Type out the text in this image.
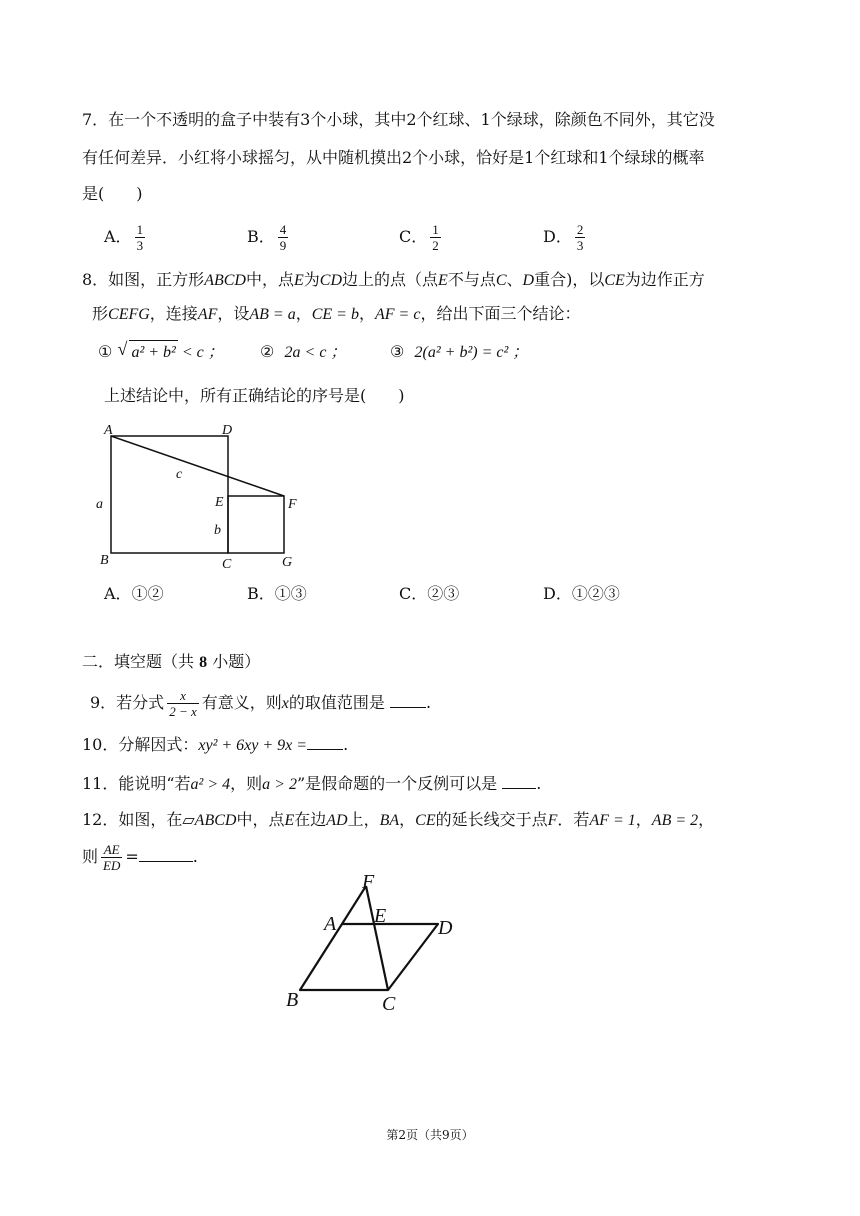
7．在一个不透明的盒子中装有3个小球，其中2个红球、1个绿球，除颜色不同外，其它没
有任何差异．小红将小球摇匀，从中随机摸出2个小球，恰好是1个红球和1个绿球的概率
是(　　)
A． $\frac{1}{3}$	B． $\frac{4}{9}$	C． $\frac{1}{2}$	D． $\frac{2}{3}$
8．如图，正方形ABCD中，点E为CD边上的点（点E不与点C、D重合)，以CE为边作正方
形CEFG，连接AF，设AB = a，CE = b，AF = c，给出下面三个结论：
① √ a² + b² < c ； ② 2a < c ；	③ 2(a² + b²) = c² ；
上述结论中，所有正确结论的序号是(　　)
A	D
B	C
E	F
G
a
b
c
A．①②	B．①③	C．②③	D．①②③
二．填空题（共 8 小题）
9．若分式 $\frac{x}{2 - x}$ 有意义，则x的取值范围是	.
10．分解因式：xy² + 6xy + 9x = .
11．能说明“若a² > 4，则a > 2”是假命题的一个反例可以是 .
12．如图，在▱ABCD中，点E在边AD上，BA，CE的延长线交于点F．若AF = 1，AB = 2，
则 $\frac{AE}{ED}$ =	.
F
A E
D
B	C
第2页（共9页）
